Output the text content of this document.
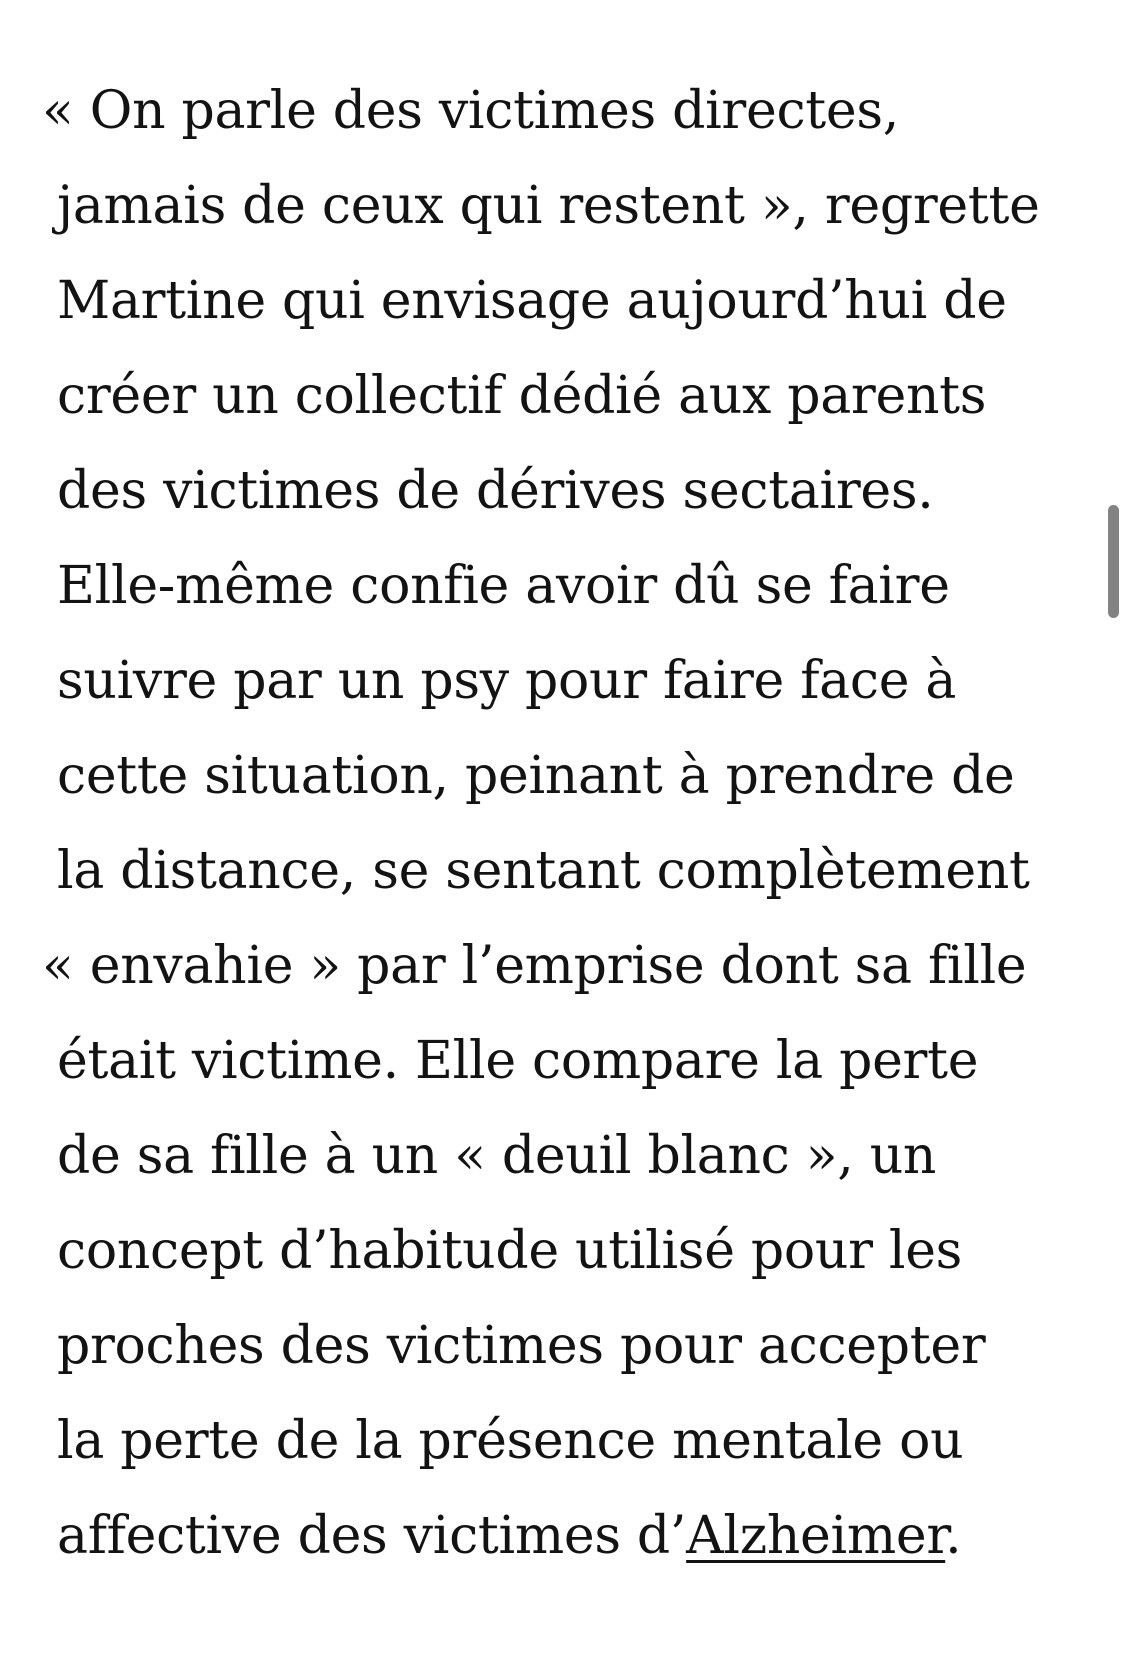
« On parle des victimes directes,
jamais de ceux qui restent », regrette
Martine qui envisage aujourd’hui de
créer un collectif dédié aux parents
des victimes de dérives sectaires.
Elle-même confie avoir dû se faire
suivre par un psy pour faire face à
cette situation, peinant à prendre de
la distance, se sentant complètement
« envahie » par l’emprise dont sa fille
était victime. Elle compare la perte
de sa fille à un « deuil blanc », un
concept d’habitude utilisé pour les
proches des victimes pour accepter
la perte de la présence mentale ou
affective des victimes d’Alzheimer.
